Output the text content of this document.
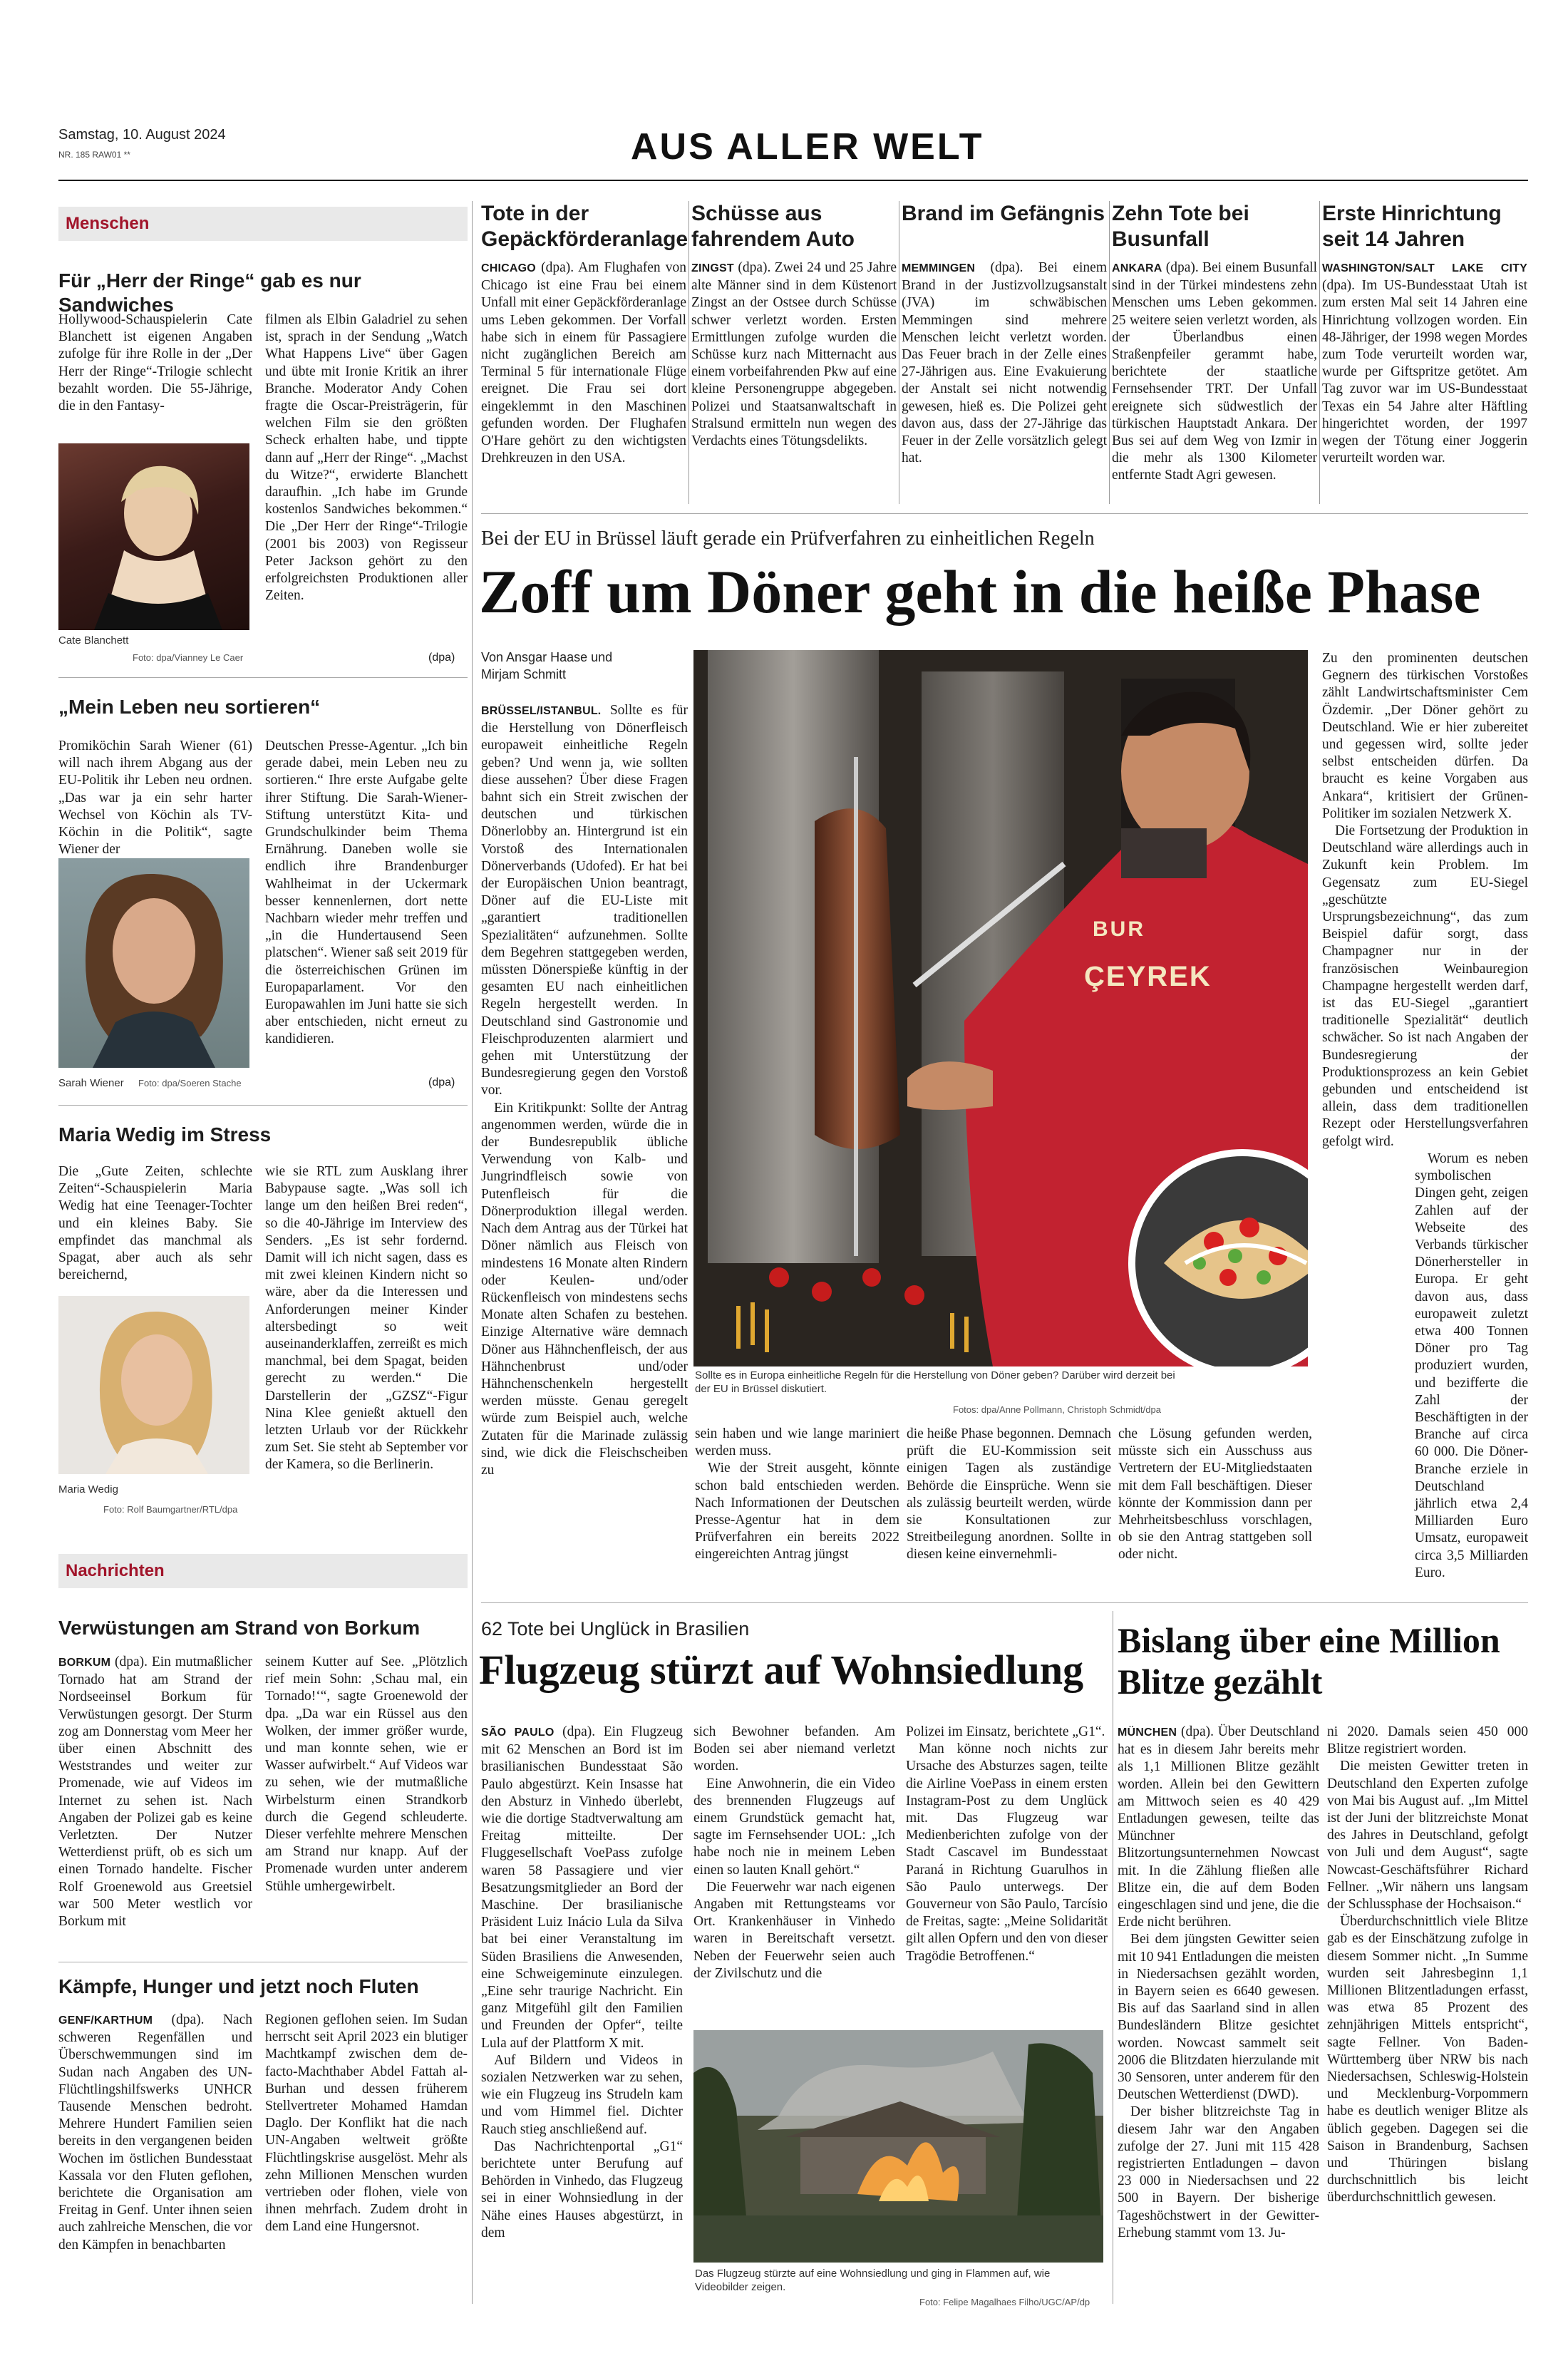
Samstag, 10. August 2024
NR. 185 RAW01 **	AUS ALLER WELT
Menschen
Für „Herr der Ringe“ gab es nur Sandwiches

Hollywood-Schauspielerin Cate Blanchett ist eigenen Angaben zufolge für ihre Rolle in der „Der Herr der Ringe“-Trilogie schlecht bezahlt worden. Die 55-Jährige, die in den Fantasy-

Cate Blanchett
Foto: dpa/Vianney Le Caer

filmen als Elbin Galadriel zu sehen ist, sprach in der Sendung „Watch What Happens Live“ über Gagen und übte mit Ironie Kritik an ihrer Branche. Moderator Andy Cohen fragte die Oscar-Preisträgerin, für welchen Film sie den größten Scheck erhalten habe, und tippte dann auf „Herr der Ringe“. „Machst du Witze?“, erwiderte Blanchett daraufhin. „Ich habe im Grunde kostenlos Sandwiches bekommen.“ Die „Der Herr der Ringe“-Trilogie (2001 bis 2003) von Regisseur Peter Jackson gehört zu den erfolgreichsten Produktionen aller Zeiten.

(dpa)
„Mein Leben neu sortieren“

Promiköchin Sarah Wiener (61) will nach ihrem Abgang aus der EU-Politik ihr Leben neu ordnen. „Das war ja ein sehr harter Wechsel von Köchin als TV-Köchin in die Politik“, sagte Wiener der

Sarah Wiener Foto: dpa/Soeren Stache

Deutschen Presse-Agentur. „Ich bin gerade dabei, mein Leben neu zu sortieren.“ Ihre erste Aufgabe gelte ihrer Stiftung. Die Sarah-Wiener-Stiftung unterstützt Kita- und Grundschulkinder beim Thema Ernährung. Daneben wolle sie endlich ihre Brandenburger Wahlheimat in der Uckermark besser kennenlernen, dort nette Nachbarn wieder mehr treffen und „in die Hundertausend Seen platschen“. Wiener saß seit 2019 für die österreichischen Grünen im Europaparlament. Vor den Europawahlen im Juni hatte sie sich aber entschieden, nicht erneut zu kandidieren.

(dpa)
Maria Wedig im Stress

Die „Gute Zeiten, schlechte Zeiten“-Schauspielerin Maria Wedig hat eine Teenager-Tochter und ein kleines Baby. Sie empfindet das manchmal als Spagat, aber auch als sehr bereichernd,

Maria Wedig
Foto: Rolf Baumgartner/RTL/dpa

wie sie RTL zum Ausklang ihrer Babypause sagte. „Was soll ich lange um den heißen Brei reden“, so die 40-Jährige im Interview des Senders. „Es ist sehr fordernd. Damit will ich nicht sagen, dass es mit zwei kleinen Kindern nicht so wäre, aber da die Interessen und Anforderungen meiner Kinder altersbedingt so weit auseinanderklaffen, zerreißt es mich manchmal, bei dem Spagat, beiden gerecht zu werden.“ Die Darstellerin der „GZSZ“-Figur Nina Klee genießt aktuell den letzten Urlaub vor der Rückkehr zum Set. Sie steht ab September vor der Kamera, so die Berlinerin.

Nachrichten
Verwüstungen am Strand von Borkum

BORKUM (dpa). Ein mutmaßlicher Tornado hat am Strand der Nordseeinsel Borkum für Verwüstungen gesorgt. Der Sturm zog am Donnerstag vom Meer her über einen Abschnitt des Weststrandes und weiter zur Promenade, wie auf Videos im Internet zu sehen ist. Nach Angaben der Polizei gab es keine Verletzten. Der Nutzer Wetterdienst prüft, ob es sich um einen Tornado handelte. Fischer Rolf Groenewold aus Greetsiel war 500 Meter westlich vor Borkum mit

seinem Kutter auf See. „Plötzlich rief mein Sohn: ‚Schau mal, ein Tornado!‘“, sagte Groenewold der dpa. „Da war ein Rüssel aus den Wolken, der immer größer wurde, und man konnte sehen, wie er Wasser aufwirbelt.“ Auf Videos war zu sehen, wie der mutmaßliche Wirbelsturm einen Strandkorb durch die Gegend schleuderte. Dieser verfehlte mehrere Menschen am Strand nur knapp. Auf der Promenade wurden unter anderem Stühle umhergewirbelt.

Kämpfe, Hunger und jetzt noch Fluten

GENF/KARTHUM (dpa). Nach schweren Regenfällen und Überschwemmungen sind im Sudan nach Angaben des UN-Flüchtlingshilfswerks UNHCR Tausende Menschen bedroht. Mehrere Hundert Familien seien bereits in den vergangenen beiden Wochen im östlichen Bundesstaat Kassala vor den Fluten geflohen, berichtete die Organisation am Freitag in Genf. Unter ihnen seien auch zahlreiche Menschen, die vor den Kämpfen in benachbarten

Regionen geflohen seien. Im Sudan herrscht seit April 2023 ein blutiger Machtkampf zwischen dem de-facto-Machthaber Abdel Fattah al-Burhan und dessen früherem Stellvertreter Mohamed Hamdan Daglo. Der Konflikt hat die nach UN-Angaben weltweit größte Flüchtlingskrise ausgelöst. Mehr als zehn Millionen Menschen wurden vertrieben oder flohen, viele von ihnen mehrfach. Zudem droht in dem Land eine Hungersnot.

Tote in der Gepäckförderanlage

CHICAGO (dpa). Am Flughafen von Chicago ist eine Frau bei einem Unfall mit einer Gepäckförderanlage ums Leben gekommen. Der Vorfall habe sich in einem für Passagiere nicht zugänglichen Bereich am Terminal 5 für internationale Flüge ereignet. Die Frau sei dort eingeklemmt in den Maschinen gefunden worden. Der Flughafen O'Hare gehört zu den wichtigsten Drehkreuzen in den USA.

Schüsse aus fahrendem Auto

ZINGST (dpa). Zwei 24 und 25 Jahre alte Männer sind in dem Küstenort Zingst an der Ostsee durch Schüsse schwer verletzt worden. Ersten Ermittlungen zufolge wurden die Schüsse kurz nach Mitternacht aus einem vorbeifahrenden Pkw auf eine kleine Personengruppe abgegeben. Polizei und Staatsanwaltschaft in Stralsund ermitteln nun wegen des Verdachts eines Tötungsdelikts.

Brand im Gefängnis

MEMMINGEN (dpa). Bei einem Brand in der Justizvollzugsanstalt (JVA) im schwäbischen Memmingen sind mehrere Menschen leicht verletzt worden. Das Feuer brach in der Zelle eines 27-Jährigen aus. Eine Evakuierung der Anstalt sei nicht notwendig gewesen, hieß es. Die Polizei geht davon aus, dass der 27-Jährige das Feuer in der Zelle vorsätzlich gelegt hat.

Zehn Tote bei Busunfall

ANKARA (dpa). Bei einem Busunfall sind in der Türkei mindestens zehn Menschen ums Leben gekommen. 25 weitere seien verletzt worden, als der Überlandbus einen Straßenpfeiler gerammt habe, berichtete der staatliche Fernsehsender TRT. Der Unfall ereignete sich südwestlich der türkischen Hauptstadt Ankara. Der Bus sei auf dem Weg von Izmir in die mehr als 1300 Kilometer entfernte Stadt Agri gewesen.

Erste Hinrichtung seit 14 Jahren

WASHINGTON/SALT LAKE CITY (dpa). Im US-Bundesstaat Utah ist zum ersten Mal seit 14 Jahren eine Hinrichtung vollzogen worden. Ein 48-Jähriger, der 1998 wegen Mordes zum Tode verurteilt worden war, wurde per Giftspritze getötet. Am Tag zuvor war im US-Bundesstaat Texas ein 54 Jahre alter Häftling hingerichtet worden, der 1997 wegen der Tötung einer Joggerin verurteilt worden war.

Bei der EU in Brüssel läuft gerade ein Prüfverfahren zu einheitlichen Regeln
Zoff um Döner geht in die heiße Phase
Von Ansgar Haase und Mirjam Schmitt

BRÜSSEL/ISTANBUL. Sollte es für die Herstellung von Dönerfleisch europaweit einheitliche Regeln geben? Und wenn ja, wie sollten diese aussehen? Über diese Fragen bahnt sich ein Streit zwischen der deutschen und türkischen Dönerlobby an. Hintergrund ist ein Vorstoß des Internationalen Dönerverbands (Udofed). Er hat bei der Europäischen Union beantragt, Döner auf die EU-Liste mit „garantiert traditionellen Spezialitäten“ aufzunehmen. Sollte dem Begehren stattgegeben werden, müssten Dönerspieße künftig in der gesamten EU nach einheitlichen Regeln hergestellt werden. In Deutschland sind Gastronomie und Fleischproduzenten alarmiert und gehen mit Unterstützung der Bundesregierung gegen den Vorstoß vor.

Ein Kritikpunkt: Sollte der Antrag angenommen werden, würde die in der Bundesrepublik übliche Verwendung von Kalb- und Jungrindfleisch sowie von Putenfleisch für die Dönerproduktion illegal werden. Nach dem Antrag aus der Türkei hat Döner nämlich aus Fleisch von mindestens 16 Monate alten Rindern oder Keulen- und/oder Rückenfleisch von mindestens sechs Monate alten Schafen zu bestehen. Einzige Alternative wäre demnach Döner aus Hähnchenfleisch, der aus Hähnchenbrust und/oder Hähnchenschenkeln hergestellt werden müsste. Genau geregelt würde zum Beispiel auch, welche Zutaten für die Marinade zulässig sind, wie dick die Fleischscheiben zu

BUR
ÇEYREK
Sollte es in Europa einheitliche Regeln für die Herstellung von Döner geben? Darüber wird derzeit bei der EU in Brüssel diskutiert.
Fotos: dpa/Anne Pollmann, Christoph Schmidt/dpa

sein haben und wie lange mariniert werden muss.

Wie der Streit ausgeht, könnte schon bald entschieden werden. Nach Informationen der Deutschen Presse-Agentur hat in dem Prüfverfahren ein bereits 2022 eingereichten Antrag jüngst

die heiße Phase begonnen. Demnach prüft die EU-Kommission seit einigen Tagen als zuständige Behörde die Einsprüche. Wenn sie als zulässig beurteilt werden, würde sie Konsultationen zur Streitbeilegung anordnen. Sollte in diesen keine einvernehmli-

che Lösung gefunden werden, müsste sich ein Ausschuss aus Vertretern der EU-Mitgliedstaaten mit dem Fall beschäftigen. Dieser könnte der Kommission dann per Mehrheitsbeschluss vorschlagen, ob sie den Antrag stattgeben soll oder nicht.

Zu den prominenten deutschen Gegnern des türkischen Vorstoßes zählt Landwirtschaftsminister Cem Özdemir. „Der Döner gehört zu Deutschland. Wie er hier zubereitet und gegessen wird, sollte jeder selbst entscheiden dürfen. Da braucht es keine Vorgaben aus Ankara“, kritisiert der Grünen-Politiker im sozialen Netzwerk X.

Die Fortsetzung der Produktion in Deutschland wäre allerdings auch in Zukunft kein Problem. Im Gegensatz zum EU-Siegel „geschützte Ursprungsbezeichnung“, das zum Beispiel dafür sorgt, dass Champagner nur in der französischen Weinbauregion Champagne hergestellt werden darf, ist das EU-Siegel „garantiert traditionelle Spezialität“ deutlich schwächer. So ist nach Angaben der Bundesregierung der Produktionsprozess an kein Gebiet gebunden und entscheidend ist allein, dass dem traditionellen Rezept oder Herstellungsverfahren gefolgt wird.

Worum es neben symbolischen Dingen geht, zeigen Zahlen auf der Webseite des Verbands türkischer Dönerhersteller in Europa. Er geht davon aus, dass europaweit zuletzt etwa 400 Tonnen Döner pro Tag produziert wurden, und bezifferte die Zahl der Beschäftigten in der Branche auf circa 60 000. Die Döner-Branche erziele in Deutschland jährlich etwa 2,4 Milliarden Euro Umsatz, europaweit circa 3,5 Milliarden Euro.

62 Tote bei Unglück in Brasilien
Flugzeug stürzt auf Wohnsiedlung

SÃO PAULO (dpa). Ein Flugzeug mit 62 Menschen an Bord ist im brasilianischen Bundesstaat São Paulo abgestürzt. Kein Insasse hat den Absturz in Vinhedo überlebt, wie die dortige Stadtverwaltung am Freitag mitteilte. Der Fluggesellschaft VoePass zufolge waren 58 Passagiere und vier Besatzungsmitglieder an Bord der Maschine. Der brasilianische Präsident Luiz Inácio Lula da Silva bat bei einer Veranstaltung im Süden Brasiliens die Anwesenden, eine Schweigeminute einzulegen. „Eine sehr traurige Nachricht. Ein ganz Mitgefühl gilt den Familien und Freunden der Opfer“, teilte Lula auf der Plattform X mit.

Auf Bildern und Videos in sozialen Netzwerken war zu sehen, wie ein Flugzeug ins Strudeln kam und vom Himmel fiel. Dichter Rauch stieg anschließend auf.

Das Nachrichtenportal „G1“ berichtete unter Berufung auf Behörden in Vinhedo, das Flugzeug sei in einer Wohnsiedlung in der Nähe eines Hauses abgestürzt, in dem

sich Bewohner befanden. Am Boden sei aber niemand verletzt worden.

Eine Anwohnerin, die ein Video des brennenden Flugzeugs auf einem Grundstück gemacht hat, sagte im Fernsehsender UOL: „Ich habe noch nie in meinem Leben einen so lauten Knall gehört.“

Die Feuerwehr war nach eigenen Angaben mit Rettungsteams vor Ort. Krankenhäuser in Vinhedo waren in Bereitschaft versetzt. Neben der Feuerwehr seien auch der Zivilschutz und die

Polizei im Einsatz, berichtete „G1“.

Man könne noch nichts zur Ursache des Absturzes sagen, teilte die Airline VoePass in einem ersten Instagram-Post zu dem Unglück mit. Das Flugzeug war Medienberichten zufolge von der Stadt Cascavel im Bundesstaat Paraná in Richtung Guarulhos in São Paulo unterwegs. Der Gouverneur von São Paulo, Tarcísio de Freitas, sagte: „Meine Solidarität gilt allen Opfern und den von dieser Tragödie Betroffenen.“

Das Flugzeug stürzte auf eine Wohnsiedlung und ging in Flammen auf, wie Videobilder zeigen.
Foto: Felipe Magalhaes Filho/UGC/AP/dp
Bislang über eine Million Blitze gezählt

MÜNCHEN (dpa). Über Deutschland hat es in diesem Jahr bereits mehr als 1,1 Millionen Blitze gezählt worden. Allein bei den Gewittern am Mittwoch seien es 40 429 Entladungen gewesen, teilte das Münchner Blitzortungsunternehmen Nowcast mit. In die Zählung fließen alle Blitze ein, die auf dem Boden eingeschlagen sind und jene, die die Erde nicht berühren.

Bei dem jüngsten Gewitter seien mit 10 941 Entladungen die meisten in Niedersachsen gezählt worden, in Bayern seien es 6640 gewesen. Bis auf das Saarland sind in allen Bundesländern Blitze gesichtet worden. Nowcast sammelt seit 2006 die Blitzdaten hierzulande mit 30 Sensoren, unter anderem für den Deutschen Wetterdienst (DWD).

Der bisher blitzreichste Tag in diesem Jahr war den Angaben zufolge der 27. Juni mit 115 428 registrierten Entladungen – davon 23 000 in Niedersachsen und 22 500 in Bayern. Der bisherige Tageshöchstwert in der Gewitter-Erhebung stammt vom 13. Ju-

ni 2020. Damals seien 450 000 Blitze registriert worden.

Die meisten Gewitter treten in Deutschland den Experten zufolge von Mai bis August auf. „Im Mittel ist der Juni der blitzreichste Monat des Jahres in Deutschland, gefolgt von Juli und dem August“, sagte Nowcast-Geschäftsführer Richard Fellner. „Wir nähern uns langsam der Schlussphase der Hochsaison.“

Überdurchschnittlich viele Blitze gab es der Einschätzung zufolge in diesem Sommer nicht. „In Summe wurden seit Jahresbeginn 1,1 Millionen Blitzentladungen erfasst, was etwa 85 Prozent des zehnjährigen Mittels entspricht“, sagte Fellner. Von Baden-Württemberg über NRW bis nach Niedersachsen, Schleswig-Holstein und Mecklenburg-Vorpommern habe es deutlich weniger Blitze als üblich gegeben. Dagegen sei die Saison in Brandenburg, Sachsen und Thüringen bislang durchschnittlich bis leicht überdurchschnittlich gewesen.
